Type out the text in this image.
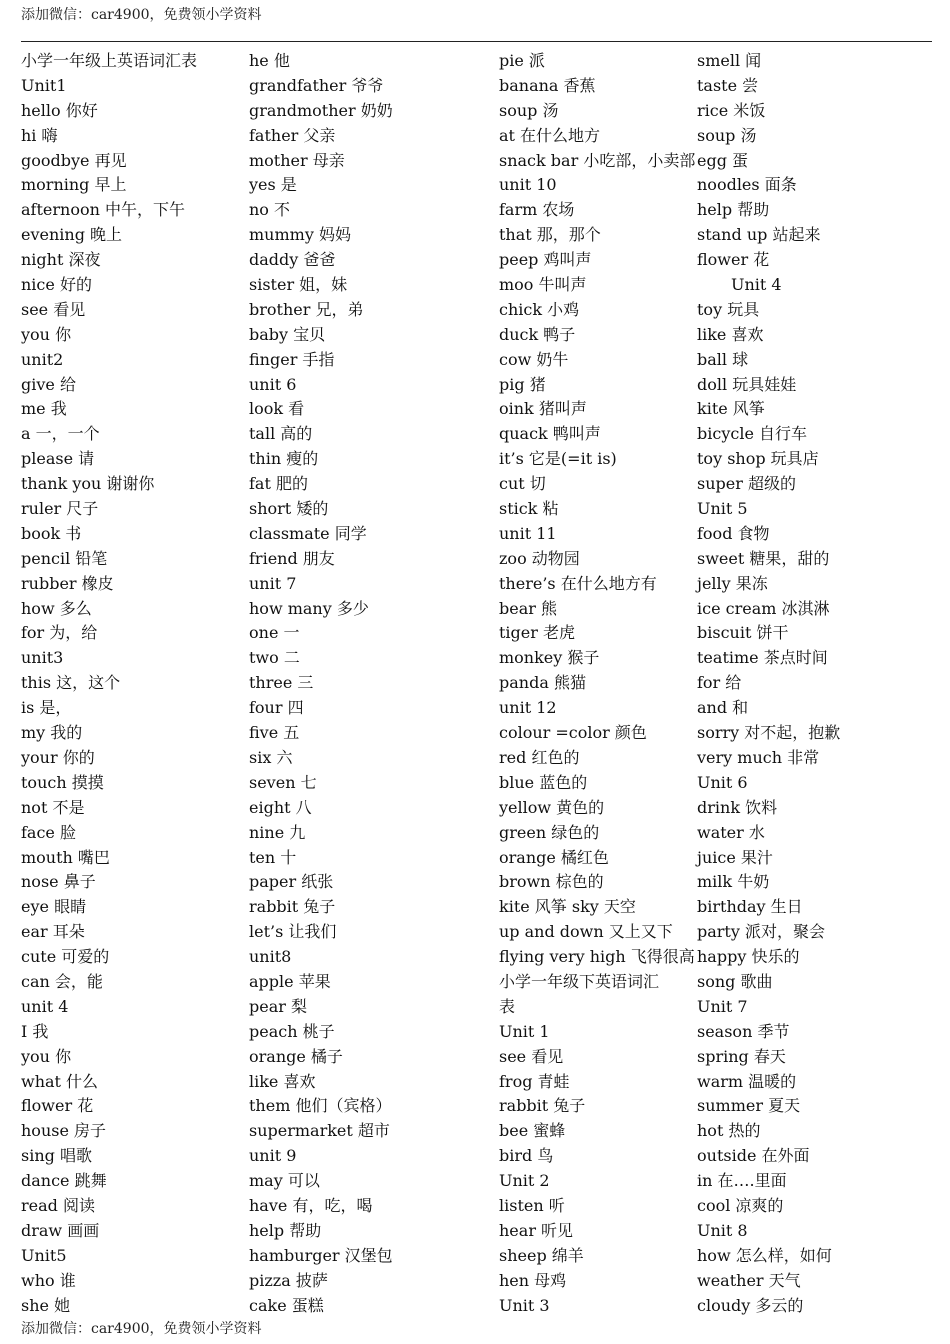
添加微信：car4900，免费领小学资料
小学一年级上英语词汇表
Unit1
hello 你好
hi 嗨
goodbye 再见
morning 早上
afternoon 中午，下午
evening 晚上
night 深夜
nice 好的
see 看见
you 你
unit2
give 给
me 我
a 一，一个
please 请
thank you 谢谢你
ruler 尺子
book 书
pencil 铅笔
rubber 橡皮
how 多么
for 为，给
unit3
this 这，这个
is 是，
my 我的
your 你的
touch 摸摸
not 不是
face 脸
mouth 嘴巴
nose 鼻子
eye 眼睛
ear 耳朵
cute 可爱的
can 会，能
unit 4
I 我
you 你
what 什么
flower 花
house 房子
sing 唱歌
dance 跳舞
read 阅读
draw 画画
Unit5
who 谁
she 她
he 他
grandfather 爷爷
grandmother 奶奶
father 父亲
mother 母亲
yes 是
no 不
mummy 妈妈
daddy 爸爸
sister 姐，妹
brother 兄，弟
baby 宝贝
finger 手指
unit 6
look 看
tall 高的
thin 瘦的
fat 肥的
short 矮的
classmate 同学
friend 朋友
unit 7
how many 多少
one 一
two 二
three 三
four 四
five 五
six 六
seven 七
eight 八
nine 九
ten 十
paper 纸张
rabbit 兔子
let’s 让我们
unit8
apple 苹果
pear 梨
peach 桃子
orange 橘子
like 喜欢
them 他们（宾格）
supermarket 超市
unit 9
may 可以
have 有，吃，喝
help 帮助
hamburger 汉堡包
pizza 披萨
cake 蛋糕
pie 派
banana 香蕉
soup 汤
at 在什么地方
snack bar 小吃部，小卖部
unit 10
farm 农场
that 那，那个
peep 鸡叫声
moo 牛叫声
chick 小鸡
duck 鸭子
cow 奶牛
pig 猪
oink 猪叫声
quack 鸭叫声
it’s 它是(=it is)
cut 切
stick 粘
unit 11
zoo 动物园
there’s 在什么地方有
bear 熊
tiger 老虎
monkey 猴子
panda 熊猫
unit 12
colour =color 颜色
red 红色的
blue 蓝色的
yellow 黄色的
green 绿色的
orange 橘红色
brown 棕色的
kite 风筝 sky 天空
up and down 又上又下
flying very high 飞得很高
小学一年级下英语词汇
表
Unit 1
see 看见
frog 青蛙
rabbit 兔子
bee 蜜蜂
bird 鸟
Unit 2
listen 听
hear 听见
sheep 绵羊
hen 母鸡
Unit 3
smell 闻
taste 尝
rice 米饭
soup 汤
egg 蛋
noodles 面条
help 帮助
stand up 站起来
flower 花
Unit 4
toy 玩具
like 喜欢
ball 球
doll 玩具娃娃
kite 风筝
bicycle 自行车
toy shop 玩具店
super 超级的
Unit 5
food 食物
sweet 糖果，甜的
jelly 果冻
ice cream 冰淇淋
biscuit 饼干
teatime 茶点时间
for 给
and 和
sorry 对不起，抱歉
very much 非常
Unit 6
drink 饮料
water 水
juice 果汁
milk 牛奶
birthday 生日
party 派对，聚会
happy 快乐的
song 歌曲
Unit 7
season 季节
spring 春天
warm 温暖的
summer 夏天
hot 热的
outside 在外面
in 在….里面
cool 凉爽的
Unit 8
how 怎么样，如何
weather 天气
cloudy 多云的
添加微信：car4900，免费领小学资料
